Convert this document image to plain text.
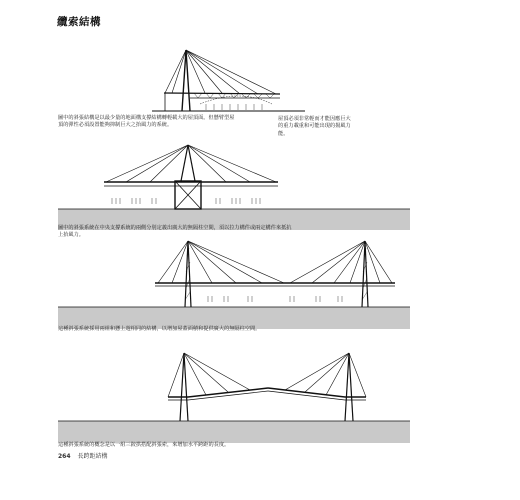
纜索結構
圖中的斜張結構是以最少量的地面構支撐結構轉輕載大的屋頂面。但懸臂型屋頂的彈性必須設置能夠抑制巨大之抬風力的系統。
屋頂必須非常輕而才能因應巨大的重力載重和可能出現的揚風力能。
圖中的斜張系統在中央支撐系統的兩側分別定義出廣大的無隔柱空間，須以拉力構件或兩定構件來抵抗上抬風力。
這種斜張系統採用兩組和懸上遊相同的結構，以增加屋蓋面積和提供廣大的無隔柱空間。
這種斜張系統的概念是以一組三鉸拱搭配斜張索，來增加水平跨距的長度。
264 長跨距結構
